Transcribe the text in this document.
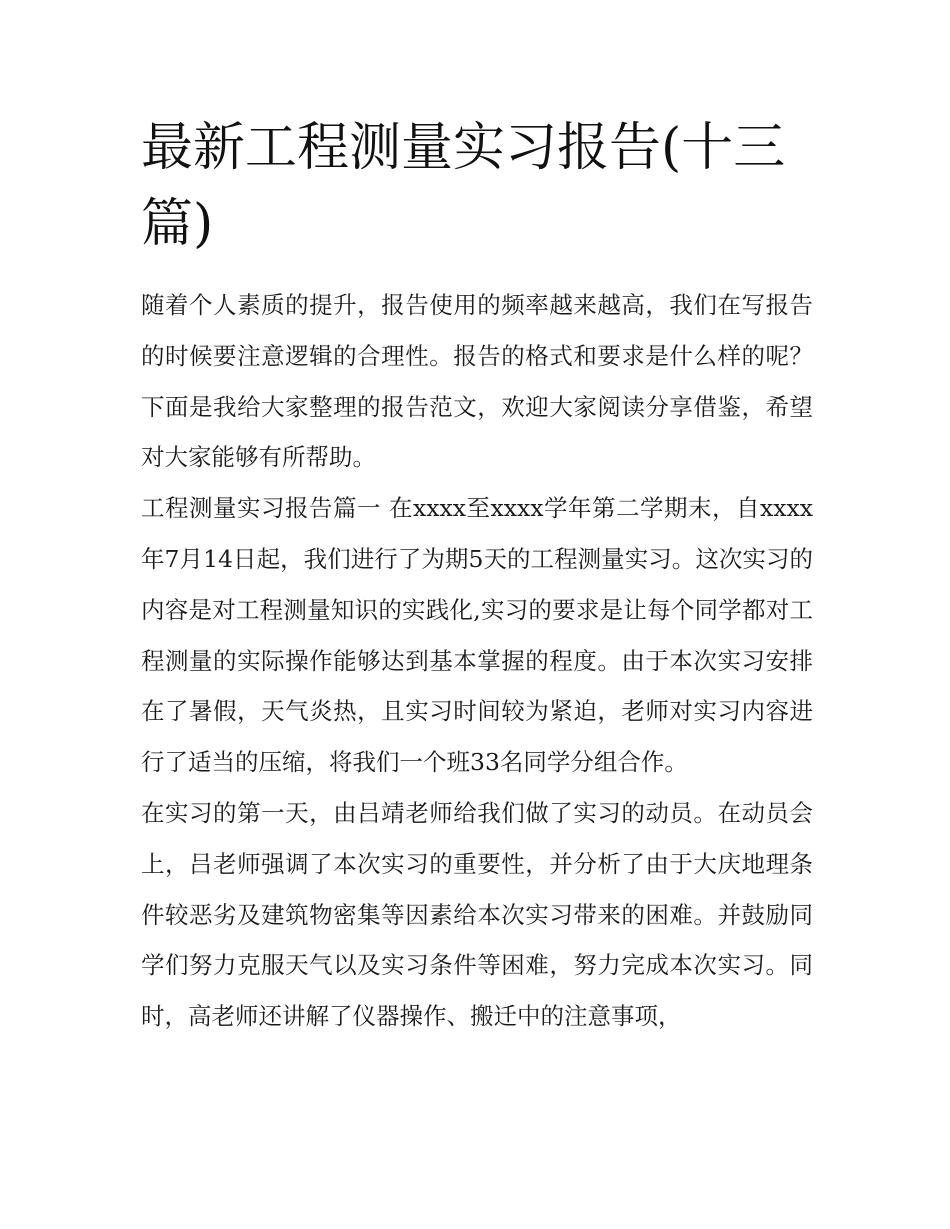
最新工程测量实习报告(十三篇)

随着个人素质的提升，报告使用的频率越来越高，我们在写报告的时候要注意逻辑的合理性。报告的格式和要求是什么样的呢？下面是我给大家整理的报告范文，欢迎大家阅读分享借鉴，希望对大家能够有所帮助。

工程测量实习报告篇一 在xxxx至xxxx学年第二学期末，自xxxx年7月14日起，我们进行了为期5天的工程测量实习。这次实习的内容是对工程测量知识的实践化,实习的要求是让每个同学都对工程测量的实际操作能够达到基本掌握的程度。由于本次实习安排在了暑假，天气炎热，且实习时间较为紧迫，老师对实习内容进行了适当的压缩，将我们一个班33名同学分组合作。

在实习的第一天，由吕靖老师给我们做了实习的动员。在动员会上，吕老师强调了本次实习的重要性，并分析了由于大庆地理条件较恶劣及建筑物密集等因素给本次实习带来的困难。并鼓励同学们努力克服天气以及实习条件等困难，努力完成本次实习。同时，高老师还讲解了仪器操作、搬迁中的注意事项，
